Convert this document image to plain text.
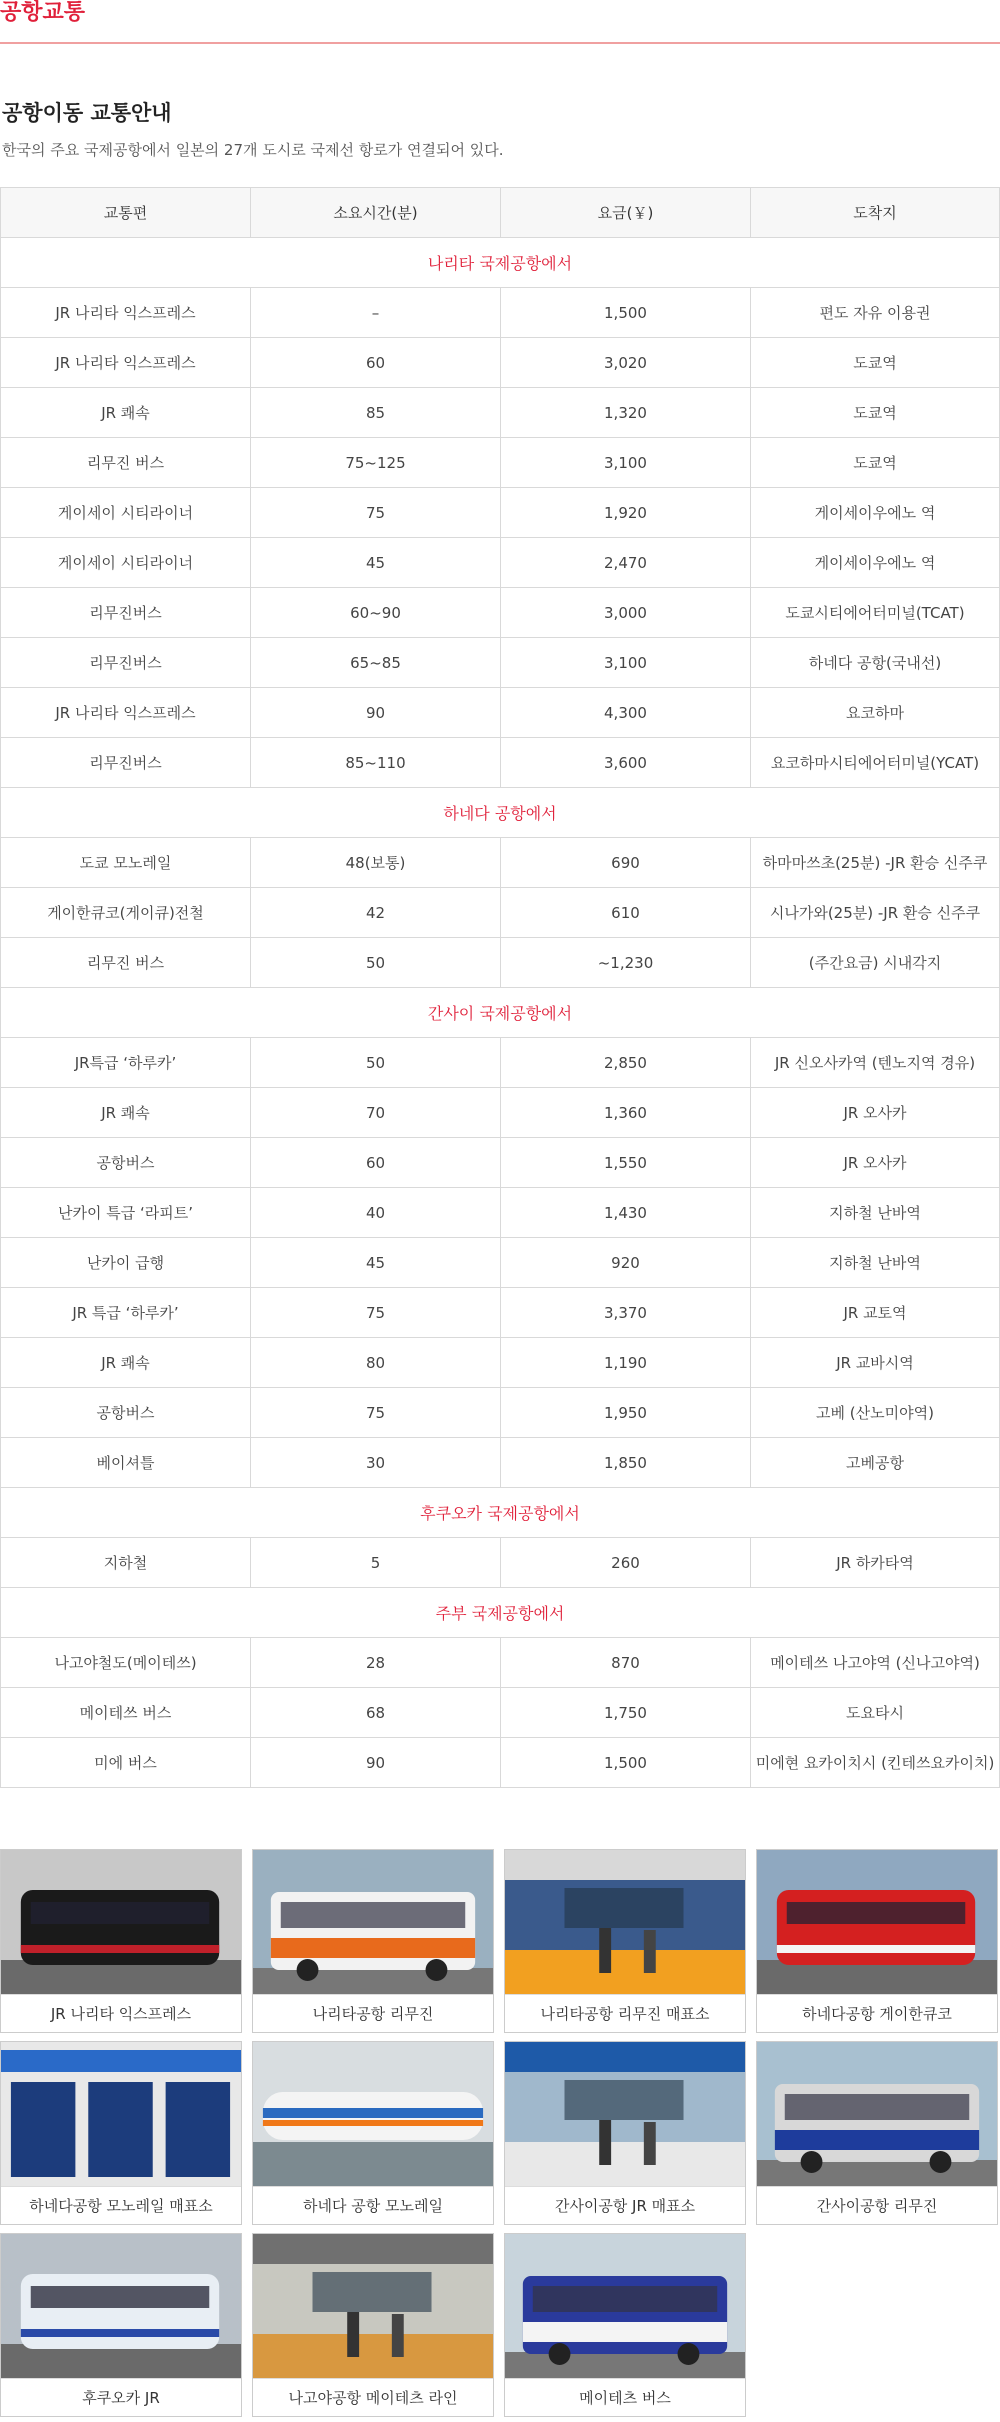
공항교통
공항이동 교통안내
한국의 주요 국제공항에서 일본의 27개 도시로 국제선 항로가 연결되어 있다.
교통편	소요시간(분)	요금(￥)	도착지
나리타 국제공항에서			
JR 나리타 익스프레스	–	1,500	편도 자유 이용권
JR 나리타 익스프레스	60	3,020	도쿄역
JR 쾌속	85	1,320	도쿄역
리무진 버스	75~125	3,100	도쿄역
게이세이 시티라이너	75	1,920	게이세이우에노 역
게이세이 시티라이너	45	2,470	게이세이우에노 역
리무진버스	60~90	3,000	도쿄시티에어터미널(TCAT)
리무진버스	65~85	3,100	하네다 공항(국내선)
JR 나리타 익스프레스	90	4,300	요코하마
리무진버스	85~110	3,600	요코하마시티에어터미널(YCAT)
하네다 공항에서			
도쿄 모노레일	48(보통)	690	하마마쓰초(25분) -JR 환승 신주쿠
게이한큐코(게이큐)전철	42	610	시나가와(25분) -JR 환승 신주쿠
리무진 버스	50	~1,230	(주간요금) 시내각지
간사이 국제공항에서			
JR특급 ‘하루카’	50	2,850	JR 신오사카역 (텐노지역 경유)
JR 쾌속	70	1,360	JR 오사카
공항버스	60	1,550	JR 오사카
난카이 특급 ‘라피트’	40	1,430	지하철 난바역
난카이 급행	45	920	지하철 난바역
JR 특급 ‘하루카’	75	3,370	JR 교토역
JR 쾌속	80	1,190	JR 교바시역
공항버스	75	1,950	고베 (산노미야역)
베이셔틀	30	1,850	고베공항
후쿠오카 국제공항에서			
지하철	5	260	JR 하카타역
주부 국제공항에서			
나고야철도(메이테쓰)	28	870	메이테쓰 나고야역 (신나고야역)
메이테쓰 버스	68	1,750	도요타시
미에 버스	90	1,500	미에현 요카이치시 (킨테쓰요카이치)
JR 나리타 익스프레스	나리타공항 리무진	나리타공항 리무진 매표소	하네다공항 게이한큐코
하네다공항 모노레일 매표소	하네다 공항 모노레일	간사이공항 JR 매표소	간사이공항 리무진
후쿠오카 JR	나고야공항 메이테츠 라인	메이테츠 버스
